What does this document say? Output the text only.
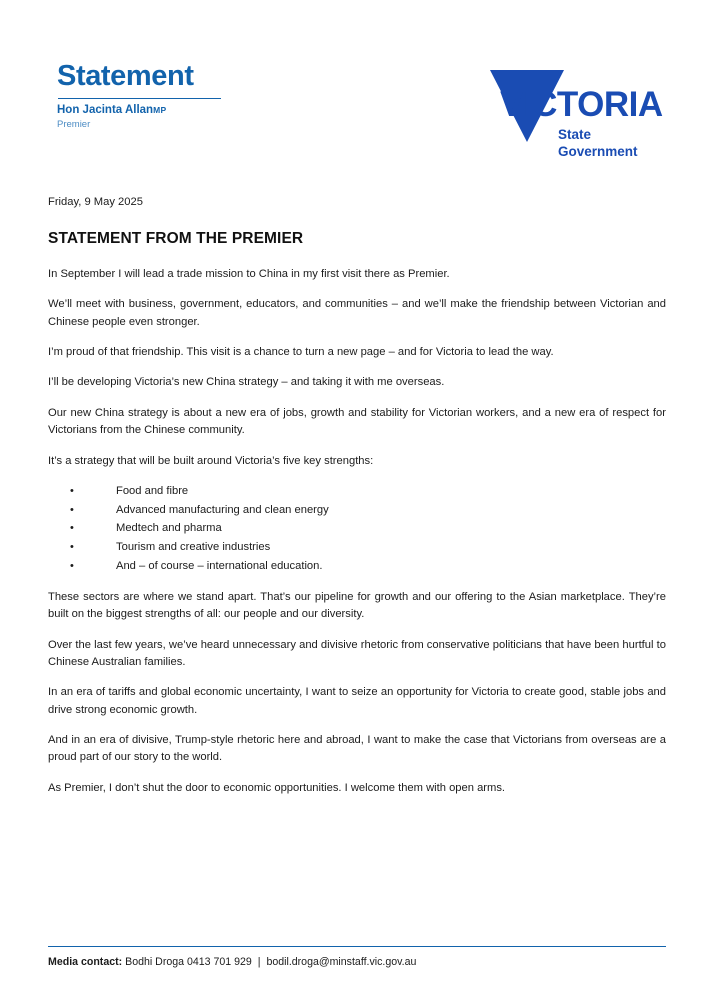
Statement
Hon Jacinta AllanMP
Premier
VICTORIA
State
Government
Friday, 9 May 2025
STATEMENT FROM THE PREMIER

In September I will lead a trade mission to China in my first visit there as Premier.

We’ll meet with business, government, educators, and communities – and we’ll make the friendship between Victorian and Chinese people even stronger.

I’m proud of that friendship. This visit is a chance to turn a new page – and for Victoria to lead the way.

I’ll be developing Victoria’s new China strategy – and taking it with me overseas.

Our new China strategy is about a new era of jobs, growth and stability for Victorian workers, and a new era of respect for Victorians from the Chinese community.

It’s a strategy that will be built around Victoria’s five key strengths:

•	Food and fibre
•	Advanced manufacturing and clean energy
•	Medtech and pharma
•	Tourism and creative industries
•	And – of course – international education.

These sectors are where we stand apart. That’s our pipeline for growth and our offering to the Asian marketplace. They’re built on the biggest strengths of all: our people and our diversity.

Over the last few years, we’ve heard unnecessary and divisive rhetoric from conservative politicians that have been hurtful to Chinese Australian families.

In an era of tariffs and global economic uncertainty, I want to seize an opportunity for Victoria to create good, stable jobs and drive strong economic growth.

And in an era of divisive, Trump-style rhetoric here and abroad, I want to make the case that Victorians from overseas are a proud part of our story to the world.

As Premier, I don’t shut the door to economic opportunities. I welcome them with open arms.

Media contact: Bodhi Droga 0413 701 929 | bodil.droga@minstaff.vic.gov.au
